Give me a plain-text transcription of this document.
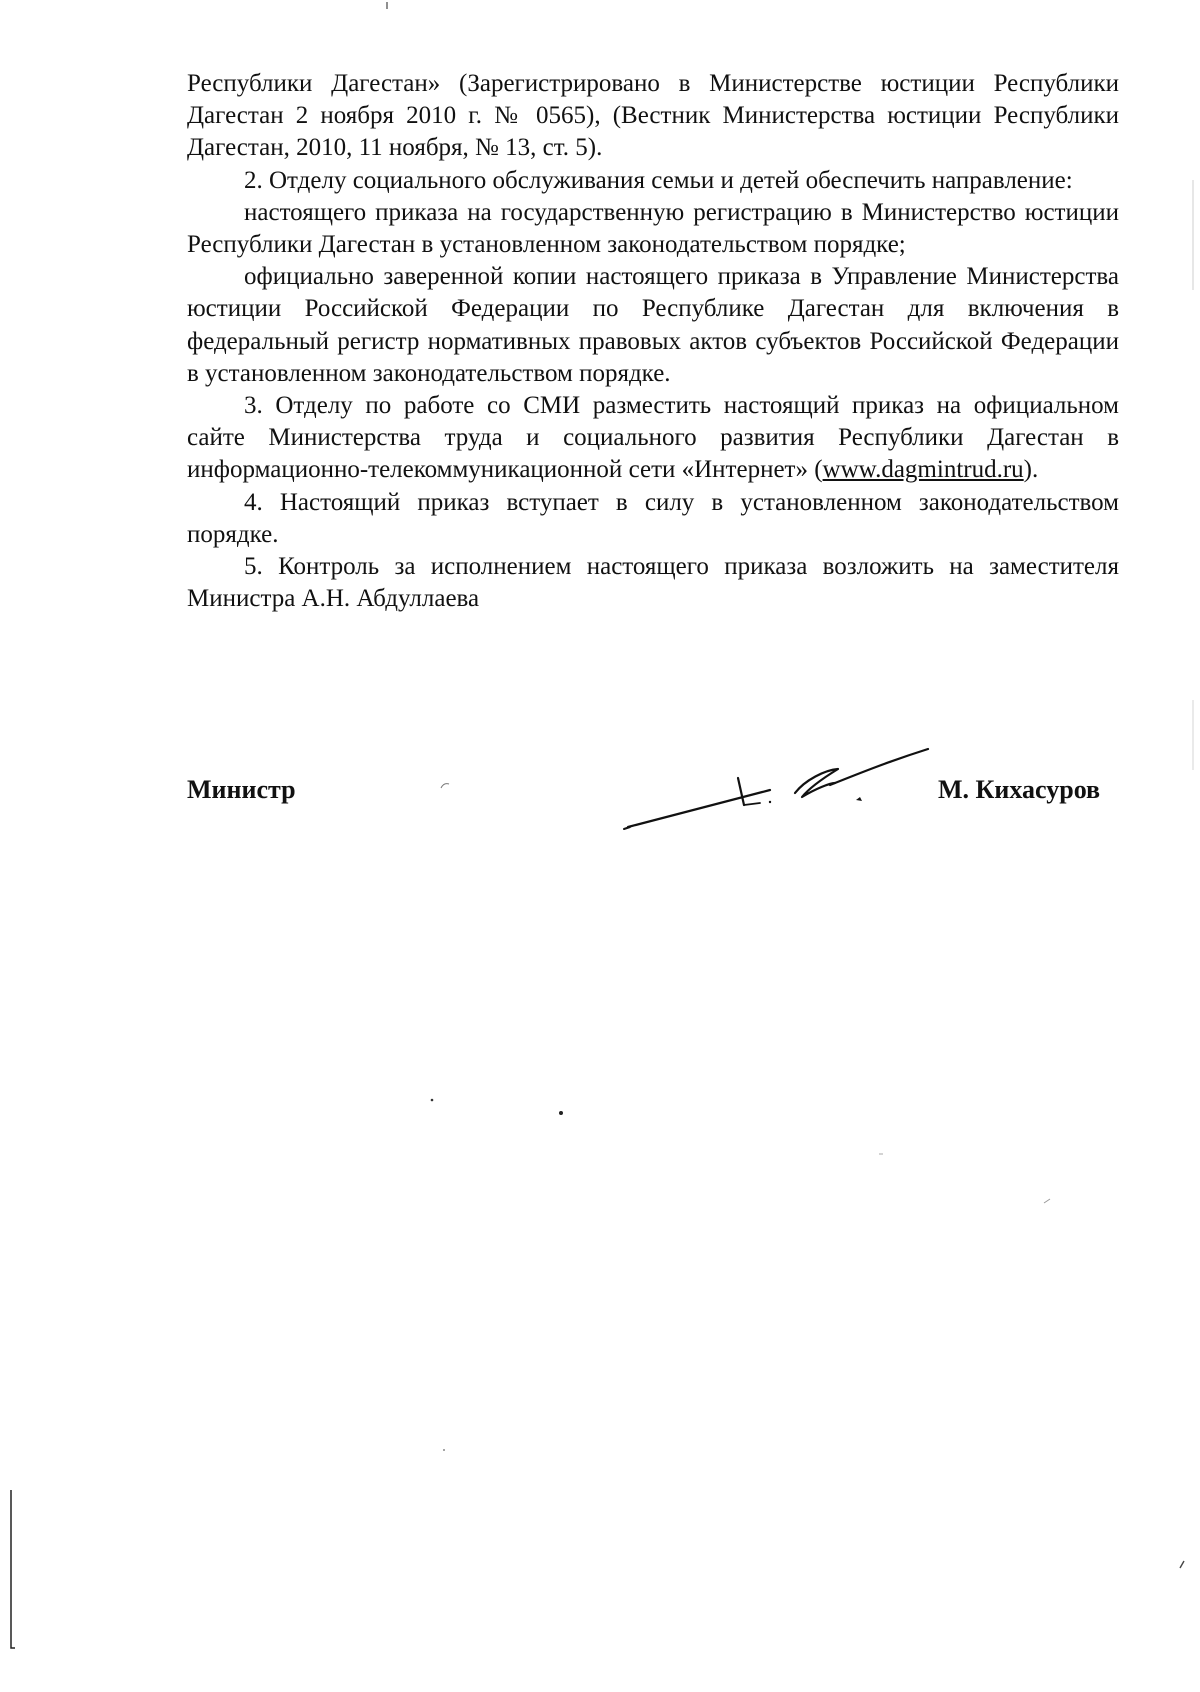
Республики Дагестан» (Зарегистрировано в Министерстве юстиции Республики Дагестан 2 ноября 2010 г. № 0565), (Вестник Министерства юстиции Республики Дагестан, 2010, 11 ноября, № 13, ст. 5).

2. Отделу социального обслуживания семьи и детей обеспечить направление:

настоящего приказа на государственную регистрацию в Министерство юстиции Республики Дагестан в установленном законодательством порядке;

официально заверенной копии настоящего приказа в Управление Министерства юстиции Российской Федерации по Республике Дагестан для включения в федеральный регистр нормативных правовых актов субъектов Российской Федерации в установленном законодательством порядке.

3. Отделу по работе со СМИ разместить настоящий приказ на официальном сайте Министерства труда и социального развития Республики Дагестан в информационно-телекоммуникационной сети «Интернет» (www.dagmintrud.ru).

4. Настоящий приказ вступает в силу в установленном законодательством порядке.

5. Контроль за исполнением настоящего приказа возложить на заместителя Министра А.Н. Абдуллаева

Министр	М. Кихасуров
